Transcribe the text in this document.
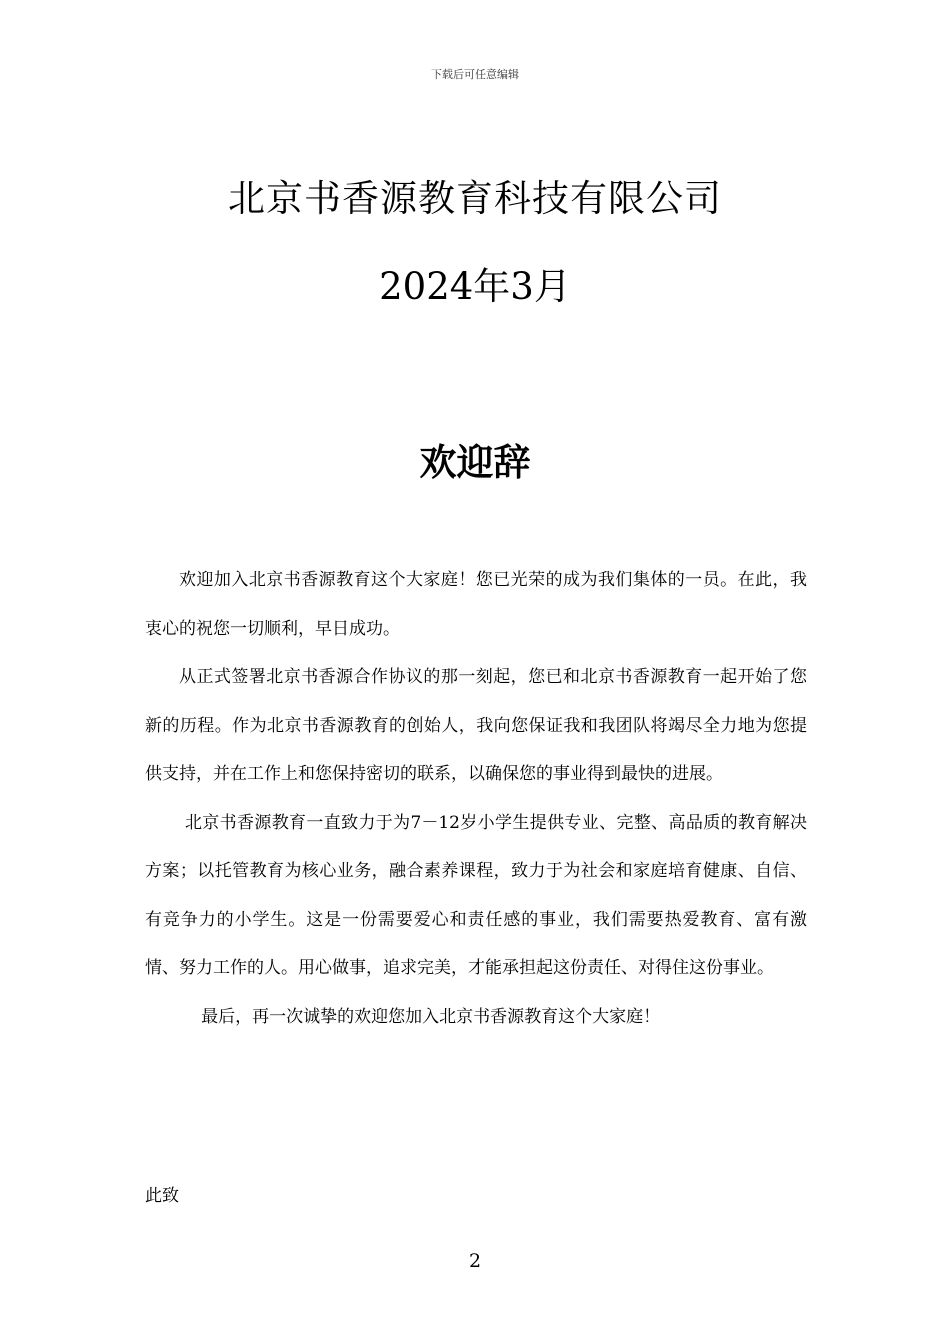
下载后可任意编辑
北京书香源教育科技有限公司
2024年3月
欢迎辞

欢迎加入北京书香源教育这个大家庭！您已光荣的成为我们集体的一员。在此，我衷心的祝您一切顺利，早日成功。

从正式签署北京书香源合作协议的那一刻起，您已和北京书香源教育一起开始了您新的历程。作为北京书香源教育的创始人，我向您保证我和我团队将竭尽全力地为您提供支持，并在工作上和您保持密切的联系，以确保您的事业得到最快的进展。

北京书香源教育一直致力于为7－12岁小学生提供专业、完整、高品质的教育解决方案；以托管教育为核心业务，融合素养课程，致力于为社会和家庭培育健康、自信、有竞争力的小学生。这是一份需要爱心和责任感的事业，我们需要热爱教育、富有激情、努力工作的人。用心做事，追求完美，才能承担起这份责任、对得住这份事业。

最后，再一次诚挚的欢迎您加入北京书香源教育这个大家庭！

此致
2
